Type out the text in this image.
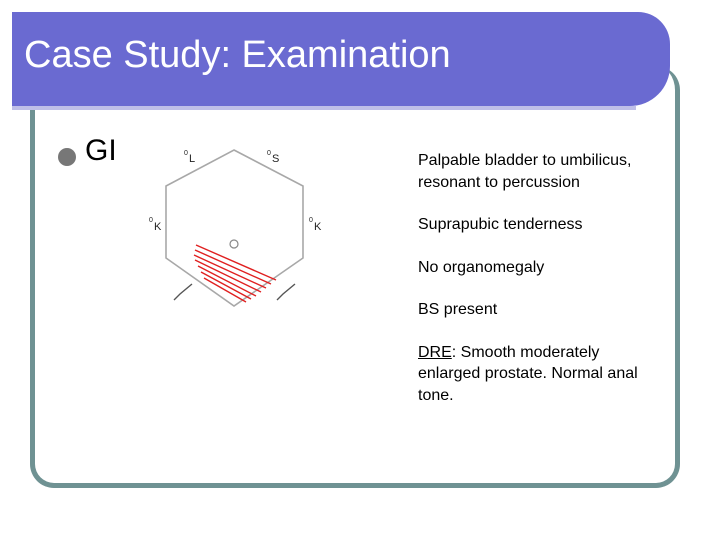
Case Study: Examination
GI	0 L	0 S
0
K
0
K

Palpable bladder to umbilicus, resonant to percussion

Suprapubic tenderness

No organomegaly

BS present

DRE: Smooth moderately enlarged prostate. Normal anal tone.
